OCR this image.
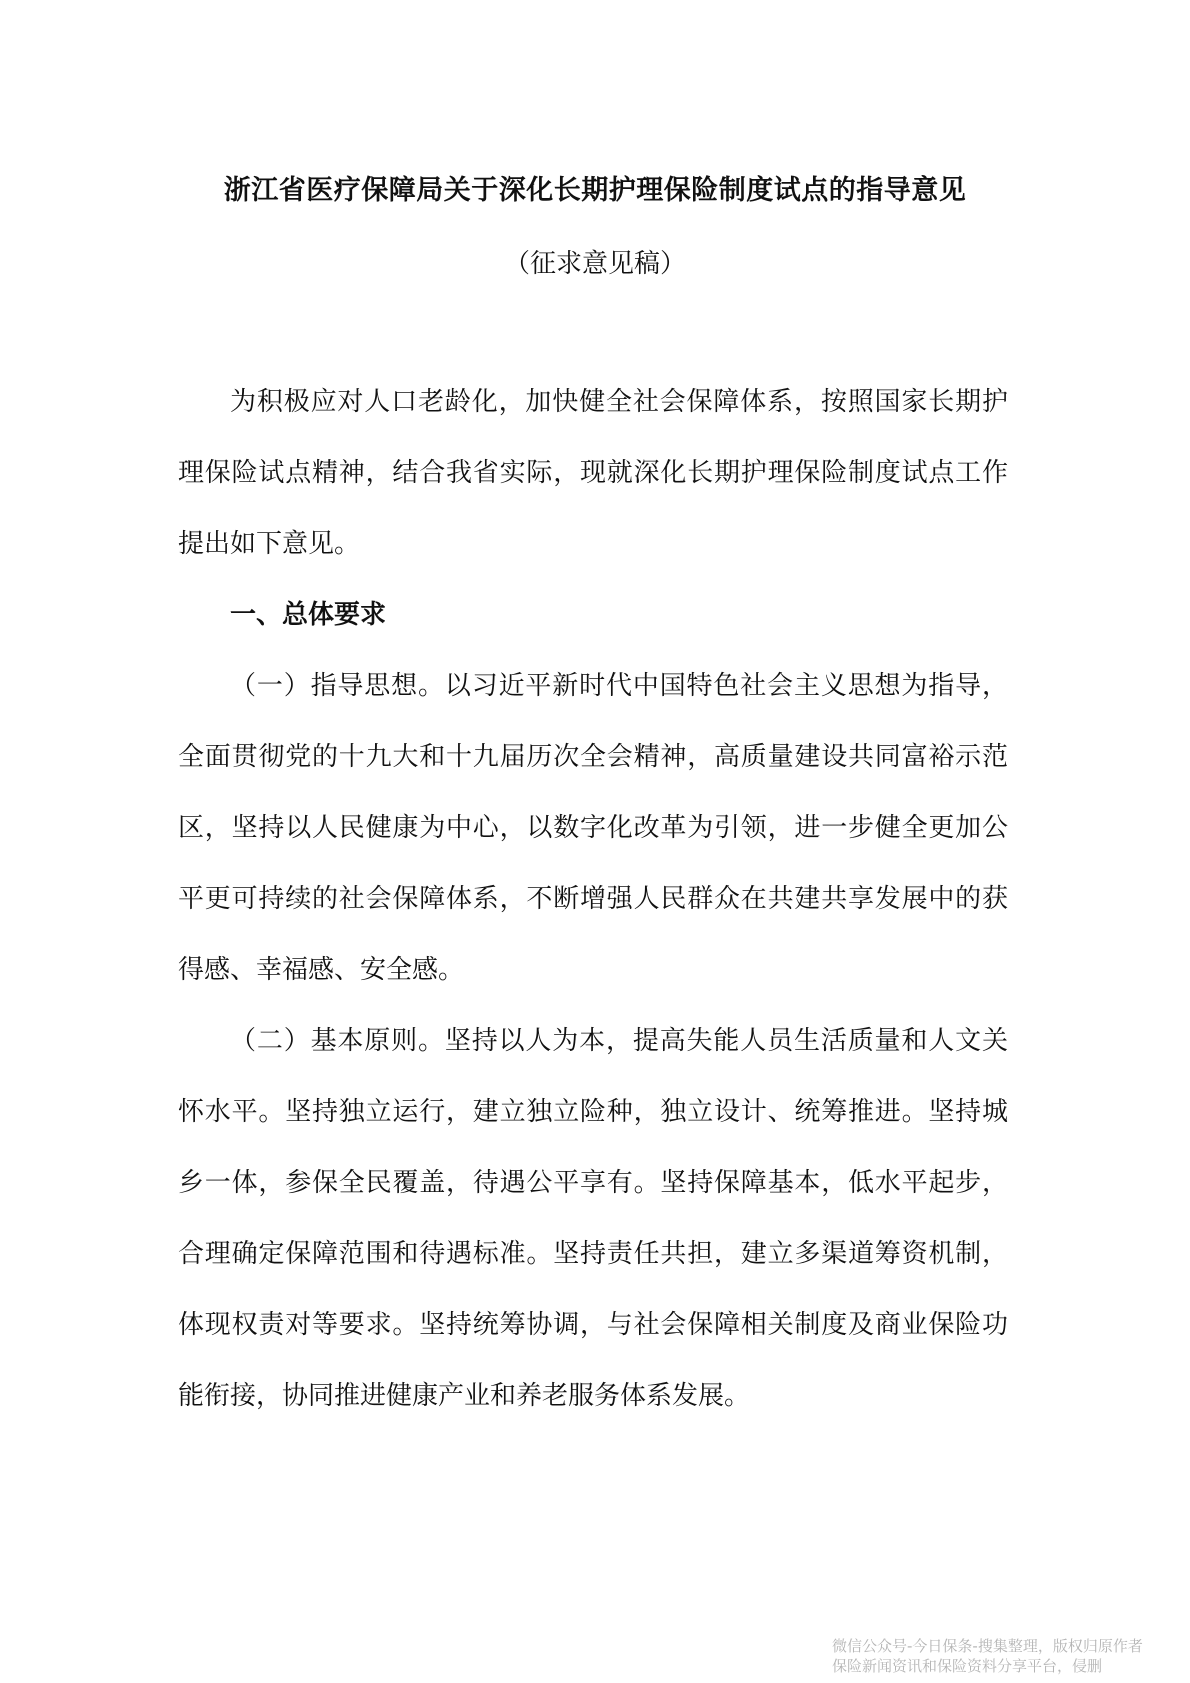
浙江省医疗保障局关于深化长期护理保险制度试点的指导意见
（征求意见稿）

为积极应对人口老龄化，加快健全社会保障体系，按照国家长期护理保险试点精神，结合我省实际，现就深化长期护理保险制度试点工作提出如下意见。

一、总体要求

（一）指导思想。以习近平新时代中国特色社会主义思想为指导，全面贯彻党的十九大和十九届历次全会精神，高质量建设共同富裕示范区，坚持以人民健康为中心，以数字化改革为引领，进一步健全更加公平更可持续的社会保障体系，不断增强人民群众在共建共享发展中的获得感、幸福感、安全感。

（二）基本原则。坚持以人为本，提高失能人员生活质量和人文关怀水平。坚持独立运行，建立独立险种，独立设计、统筹推进。坚持城乡一体，参保全民覆盖，待遇公平享有。坚持保障基本，低水平起步，合理确定保障范围和待遇标准。坚持责任共担，建立多渠道筹资机制，体现权责对等要求。坚持统筹协调，与社会保障相关制度及商业保险功能衔接，协同推进健康产业和养老服务体系发展。

微信公众号-今日保条-搜集整理，版权归原作者
保险新闻资讯和保险资料分享平台，侵删
